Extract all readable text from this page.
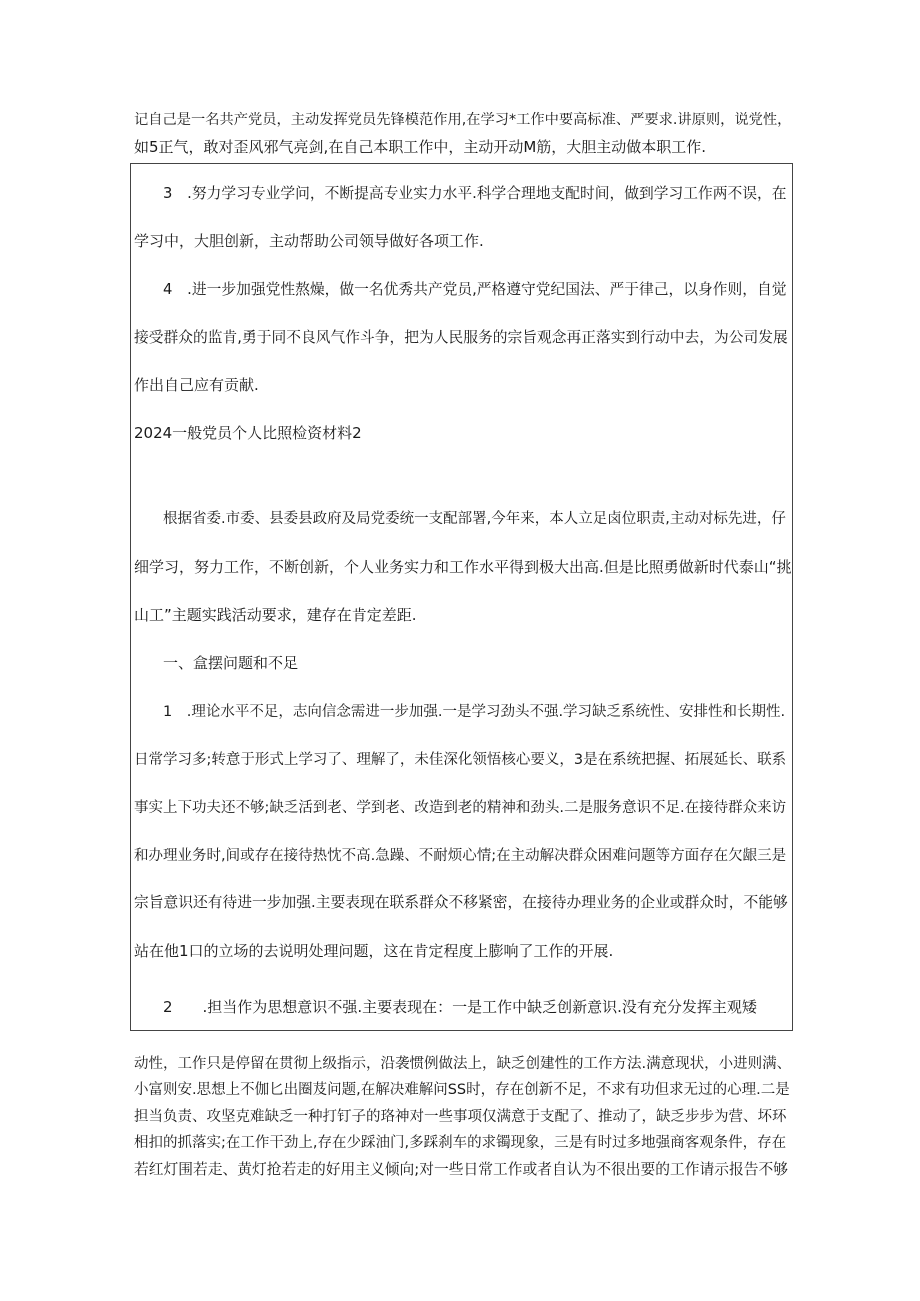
记自己是一名共产党员，主动发挥党员先锋模范作用,在学习*工作中要高标准、严要求.讲原则，说党性，
如5正气，敢对歪风邪气亮剑,在自己本职工作中，主动开动M筋，大胆主动做本职工作.
3　.努力学习专业学问，不断提高专业实力水平.科学合理地支配时间，做到学习工作两不误，在
学习中，大胆创新，主动帮助公司领导做好各项工作.
4　.进一步加强党性熬燥，做一名优秀共产党员,严格遵守党纪国法、严于律己，以身作则，自觉
接受群众的监肯,勇于同不良风气作斗争，把为人民服务的宗旨观念再正落实到行动中去，为公司发展
作出自己应有贡献.
2024一般党员个人比照检资材料2
根据省委.市委、县委县政府及局党委统一支配部署,今年来，本人立足卤位职责,主动对标先进，仔
细学习，努力工作，不断创新，个人业务实力和工作水平得到极大出高.但是比照勇做新时代泰山“挑
山工”主题实践活动要求，建存在肯定差距.
一、盒摆问题和不足
1　.理论水平不足，志向信念需进一步加强.一是学习劲头不强.学习缺乏系统性、安排性和长期性.
日常学习多;转意于形式上学习了、理解了，未佳深化领悟核心要义，3是在系统把握、拓展延长、联系
事实上下功夫还不够;缺乏活到老、学到老、改造到老的精神和劲头.二是服务意识不足.在接待群众来访
和办理业务时,间或存在接待热忱不高.急躁、不耐烦心情;在主动解决群众困难问题等方面存在欠龈三是
宗旨意识还有待进一步加强.主要表现在联系群众不移紧密，在接待办理业务的企业或群众时，不能够
站在他1口的立场的去说明处理问题，这在肯定程度上膨响了工作的开展.
2　　.担当作为思想意识不强.主要表现在：一是工作中缺乏创新意识.没有充分发挥主观矮
动性，工作只是停留在贯彻上级指示，沿袭惯例做法上，缺乏创建性的工作方法.满意现状，小进则满、
小富则安.思想上不伽匕出圈芨问题,在解决难解问SS时，存在创新不足，不求有功但求无过的心理.二是
担当负责、攻坚克难缺乏一种打钉子的珞神对一些事项仅满意于支配了、推动了，缺乏步步为营、坏环
相扣的抓落实;在工作干劲上,存在少踩油门,多踩刹车的求镯现象，三是有时过多地强商客观条件，存在
若红灯围若走、黄灯抢若走的好用主义倾向;对一些日常工作或者自认为不很出要的工作请示报告不够
